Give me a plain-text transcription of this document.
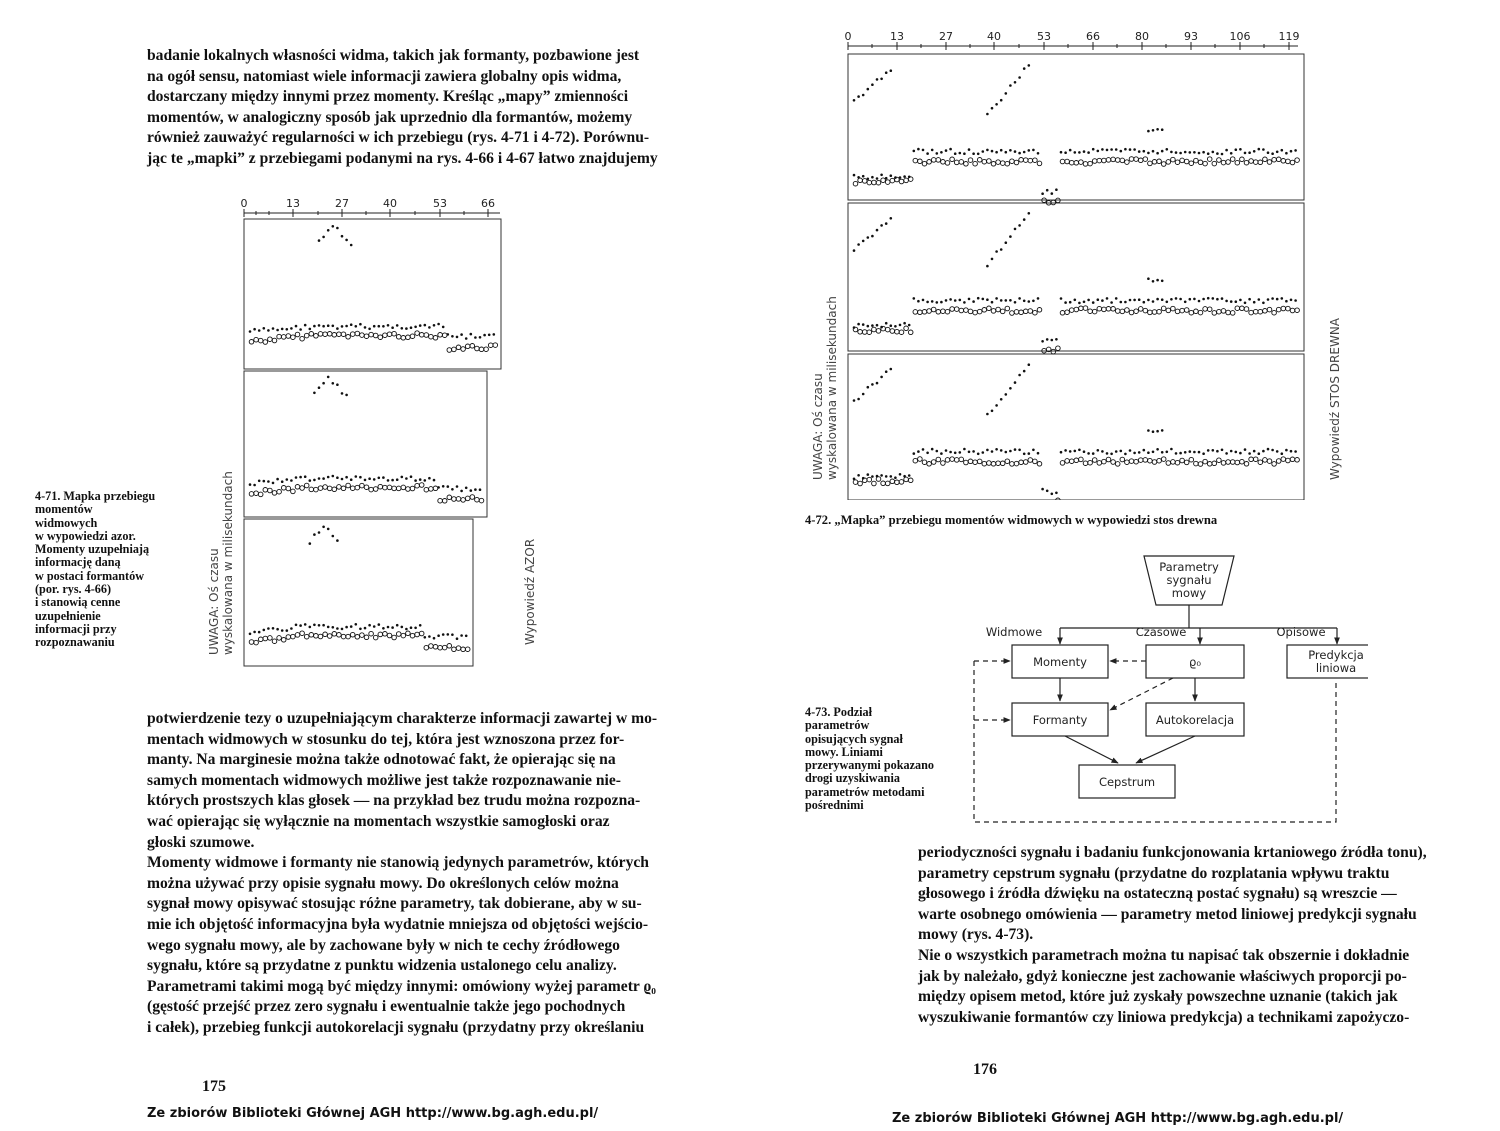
badanie lokalnych własności widma, takich jak formanty, pozbawione jest
na ogół sensu, natomiast wiele informacji zawiera globalny opis widma,
dostarczany między innymi przez momenty. Kreśląc „mapy” zmienności
momentów, w analogiczny sposób jak uprzednio dla formantów, możemy
również zauważyć regularności w ich przebiegu (rys. 4-71 i 4-72). Porównu-
jąc te „mapki” z przebiegami podanymi na rys. 4-66 i 4-67 łatwo znajdujemy
0	13	27	40	53	66
UWAGA: Oś czasu wyskalowana w milisekundach	Wypowiedź AZOR
4-71. Mapka przebiegu
momentów
widmowych
w wypowiedzi azor.
Momenty uzupełniają
informację daną
w postaci formantów
(por. rys. 4-66)
i stanowią cenne
uzupełnienie
informacji przy
rozpoznawaniu
potwierdzenie tezy o uzupełniającym charakterze informacji zawartej w mo-
mentach widmowych w stosunku do tej, która jest wznoszona przez for-
manty. Na marginesie można także odnotować fakt, że opierając się na
samych momentach widmowych możliwe jest także rozpoznawanie nie-
których prostszych klas głosek — na przykład bez trudu można rozpozna-
wać opierając się wyłącznie na momentach wszystkie samogłoski oraz
głoski szumowe.
Momenty widmowe i formanty nie stanowią jedynych parametrów, których
można używać przy opisie sygnału mowy. Do określonych celów można
sygnał mowy opisywać stosując różne parametry, tak dobierane, aby w su-
mie ich objętość informacyjna była wydatnie mniejsza od objętości wejścio-
wego sygnału mowy, ale by zachowane były w nich te cechy źródłowego
sygnału, które są przydatne z punktu widzenia ustalonego celu analizy.
Parametrami takimi mogą być między innymi: omówiony wyżej parametr ϱ₀
(gęstość przejść przez zero sygnału i ewentualnie także jego pochodnych
i całek), przebieg funkcji autokorelacji sygnału (przydatny przy określaniu
175
Ze zbiorów Biblioteki Głównej AGH http://www.bg.agh.edu.pl/
0	13	27	40	53	66	80	93	106	119
UWAGA: Oś czasu wyskalowana w milisekundach	Wypowiedź STOS DREWNA
4-72. „Mapka” przebiegu momentów widmowych w wypowiedzi stos drewna
Parametry
sygnału
mowy
Widmowe	Czasowe	Opisowe
Momenty	ϱ₀	Predykcja
liniowa
Formanty	Autokorelacja
Cepstrum
4-73. Podział
parametrów
opisujących sygnał
mowy. Liniami
przerywanymi pokazano
drogi uzyskiwania
parametrów metodami
pośrednimi
periodyczności sygnału i badaniu funkcjonowania krtaniowego źródła tonu),
parametry cepstrum sygnału (przydatne do rozplatania wpływu traktu
głosowego i źródła dźwięku na ostateczną postać sygnału) są wreszcie —
warte osobnego omówienia — parametry metod liniowej predykcji sygnału
mowy (rys. 4-73).
Nie o wszystkich parametrach można tu napisać tak obszernie i dokładnie
jak by należało, gdyż konieczne jest zachowanie właściwych proporcji po-
między opisem metod, które już zyskały powszechne uznanie (takich jak
wyszukiwanie formantów czy liniowa predykcja) a technikami zapożyczo-
176
Ze zbiorów Biblioteki Głównej AGH http://www.bg.agh.edu.pl/
